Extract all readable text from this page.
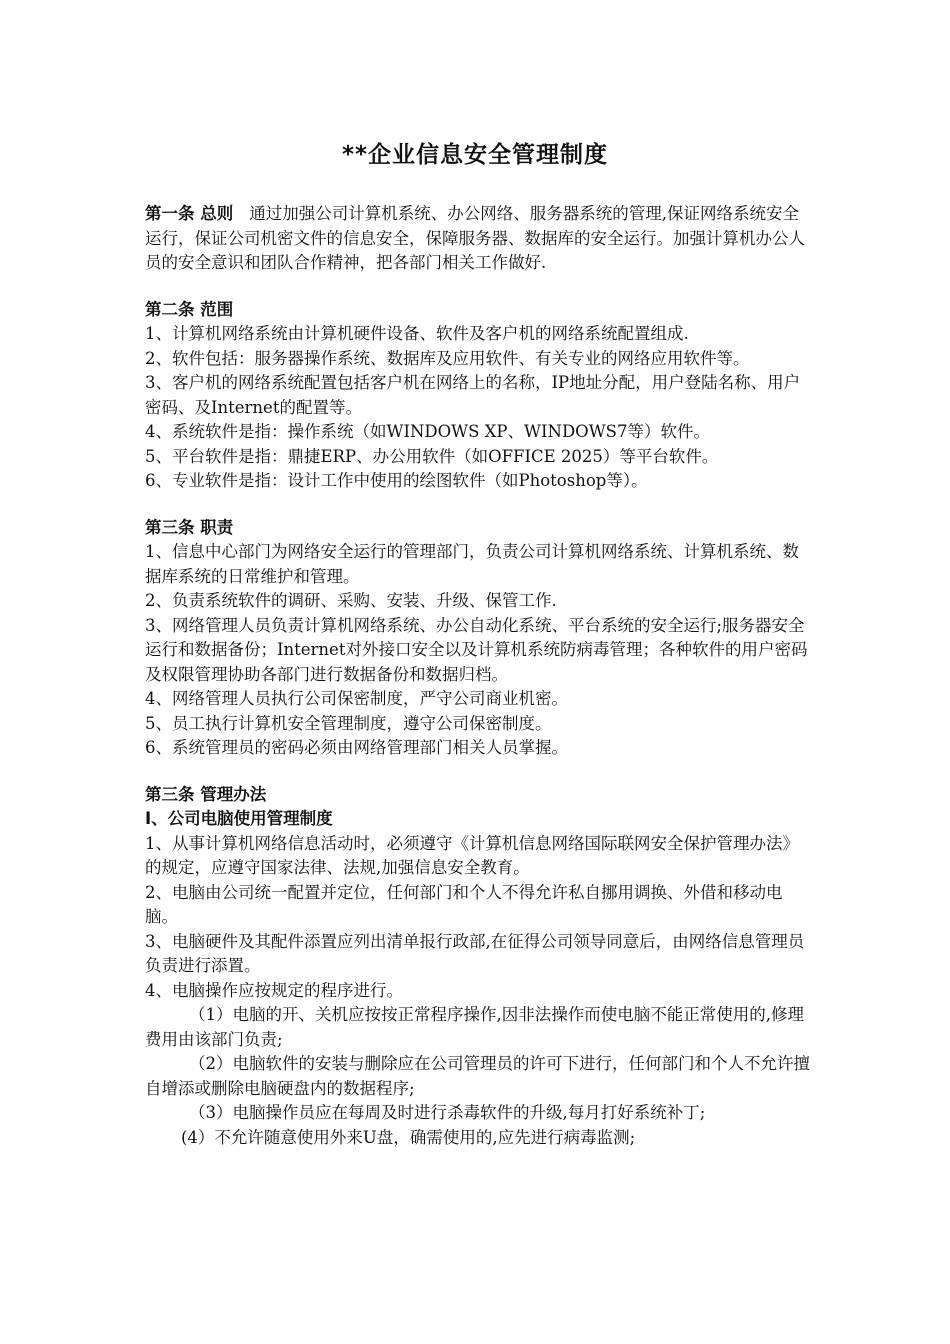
**企业信息安全管理制度

第一条 总则 通过加强公司计算机系统、办公网络、服务器系统的管理,保证网络系统安全运行，保证公司机密文件的信息安全，保障服务器、数据库的安全运行。加强计算机办公人员的安全意识和团队合作精神，把各部门相关工作做好.

第二条 范围

1、计算机网络系统由计算机硬件设备、软件及客户机的网络系统配置组成.

2、软件包括：服务器操作系统、数据库及应用软件、有关专业的网络应用软件等。

3、客户机的网络系统配置包括客户机在网络上的名称，IP地址分配，用户登陆名称、用户密码、及Internet的配置等。

4、系统软件是指：操作系统（如WINDOWS XP、WINDOWS7等）软件。

5、平台软件是指：鼎捷ERP、办公用软件（如OFFICE 2025）等平台软件。

6、专业软件是指：设计工作中使用的绘图软件（如Photoshop等）。

第三条 职责

1、信息中心部门为网络安全运行的管理部门，负责公司计算机网络系统、计算机系统、数据库系统的日常维护和管理。

2、负责系统软件的调研、采购、安装、升级、保管工作.

3、网络管理人员负责计算机网络系统、办公自动化系统、平台系统的安全运行;服务器安全运行和数据备份；Internet对外接口安全以及计算机系统防病毒管理；各种软件的用户密码及权限管理协助各部门进行数据备份和数据归档。

4、网络管理人员执行公司保密制度，严守公司商业机密。

5、员工执行计算机安全管理制度，遵守公司保密制度。

6、系统管理员的密码必须由网络管理部门相关人员掌握。

第三条 管理办法

I、公司电脑使用管理制度

1、从事计算机网络信息活动时，必须遵守《计算机信息网络国际联网安全保护管理办法》的规定，应遵守国家法律、法规,加强信息安全教育。

2、电脑由公司统一配置并定位，任何部门和个人不得允许私自挪用调换、外借和移动电脑。

3、电脑硬件及其配件添置应列出清单报行政部,在征得公司领导同意后，由网络信息管理员负责进行添置。

4、电脑操作应按规定的程序进行。

（1）电脑的开、关机应按按正常程序操作,因非法操作而使电脑不能正常使用的,修理费用由该部门负责;

（2）电脑软件的安装与删除应在公司管理员的许可下进行，任何部门和个人不允许擅自增添或删除电脑硬盘内的数据程序;

（3）电脑操作员应在每周及时进行杀毒软件的升级,每月打好系统补丁;

(4）不允许随意使用外来U盘，确需使用的,应先进行病毒监测;
